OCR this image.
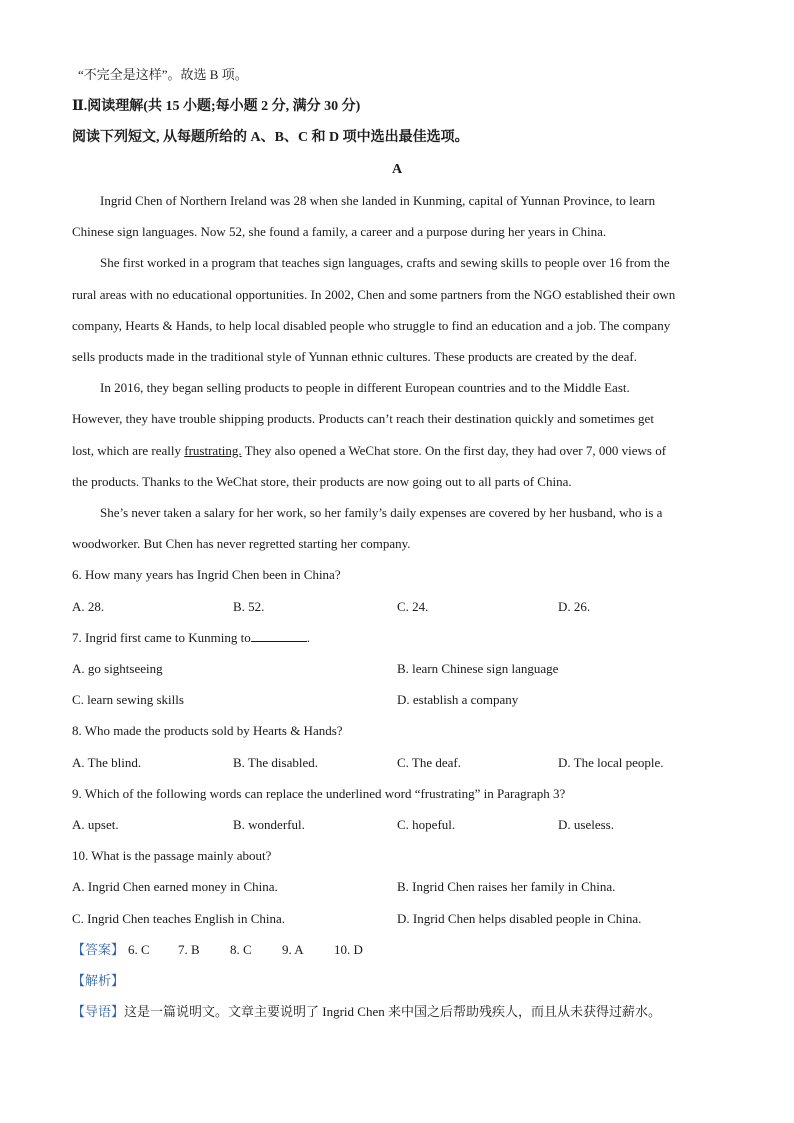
“不完全是这样”。故选 B 项。
Ⅱ.阅读理解(共 15 小题;每小题 2 分, 满分 30 分)
阅读下列短文, 从每题所给的 A、B、C 和 D 项中选出最佳选项。
A
Ingrid Chen of Northern Ireland was 28 when she landed in Kunming, capital of Yunnan Province, to learn
Chinese sign languages. Now 52, she found a family, a career and a purpose during her years in China.
She first worked in a program that teaches sign languages, crafts and sewing skills to people over 16 from the
rural areas with no educational opportunities. In 2002, Chen and some partners from the NGO established their own
company, Hearts & Hands, to help local disabled people who struggle to find an education and a job. The company
sells products made in the traditional style of Yunnan ethnic cultures. These products are created by the deaf.
In 2016, they began selling products to people in different European countries and to the Middle East.
However, they have trouble shipping products. Products can’t reach their destination quickly and sometimes get
lost, which are really frustrating. They also opened a WeChat store. On the first day, they had over 7, 000 views of
the products. Thanks to the WeChat store, their products are now going out to all parts of China.
She’s never taken a salary for her work, so her family’s daily expenses are covered by her husband, who is a
woodworker. But Chen has never regretted starting her company.
6. How many years has Ingrid Chen been in China?
A. 28.	B. 52.	C. 24.	D. 26.
7. Ingrid first came to Kunming to	.
A. go sightseeing	B. learn Chinese sign language
C. learn sewing skills	D. establish a company
8. Who made the products sold by Hearts & Hands?
A. The blind.	B. The disabled.	C. The deaf.	D. The local people.
9. Which of the following words can replace the underlined word “frustrating” in Paragraph 3?
A. upset.	B. wonderful.	C. hopeful.	D. useless.
10. What is the passage mainly about?
A. Ingrid Chen earned money in China.	B. Ingrid Chen raises her family in China.
C. Ingrid Chen teaches English in China.	D. Ingrid Chen helps disabled people in China.
【答案】 6. C 7. B 8. C 9. A 10. D
【解析】
【导语】这是一篇说明文。文章主要说明了 Ingrid Chen 来中国之后帮助残疾人，而且从未获得过薪水。
